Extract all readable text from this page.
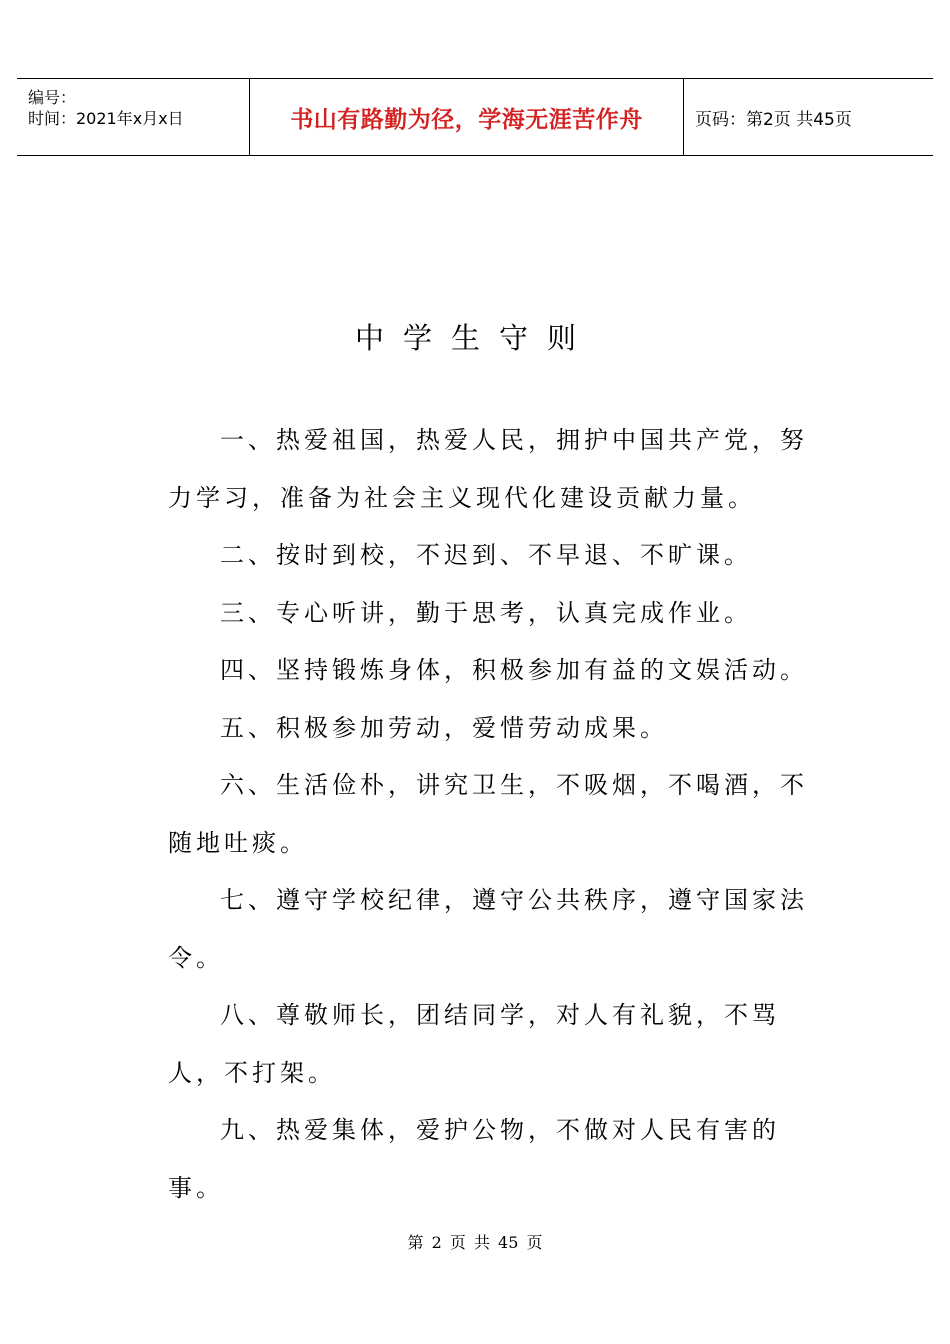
编号：
时间：2021年x月x日	书山有路勤为径，学海无涯苦作舟	页码：第2页 共45页
中学生守则

一、热爱祖国，热爱人民，拥护中国共产党，努力学习，准备为社会主义现代化建设贡献力量。

二、按时到校，不迟到、不早退、不旷课。

三、专心听讲，勤于思考，认真完成作业。

四、坚持锻炼身体，积极参加有益的文娱活动。

五、积极参加劳动，爱惜劳动成果。

六、生活俭朴，讲究卫生，不吸烟，不喝酒，不随地吐痰。

七、遵守学校纪律，遵守公共秩序，遵守国家法令。

八、尊敬师长，团结同学，对人有礼貌，不骂人，不打架。

九、热爱集体，爱护公物，不做对人民有害的事。

第 2 页 共 45 页
